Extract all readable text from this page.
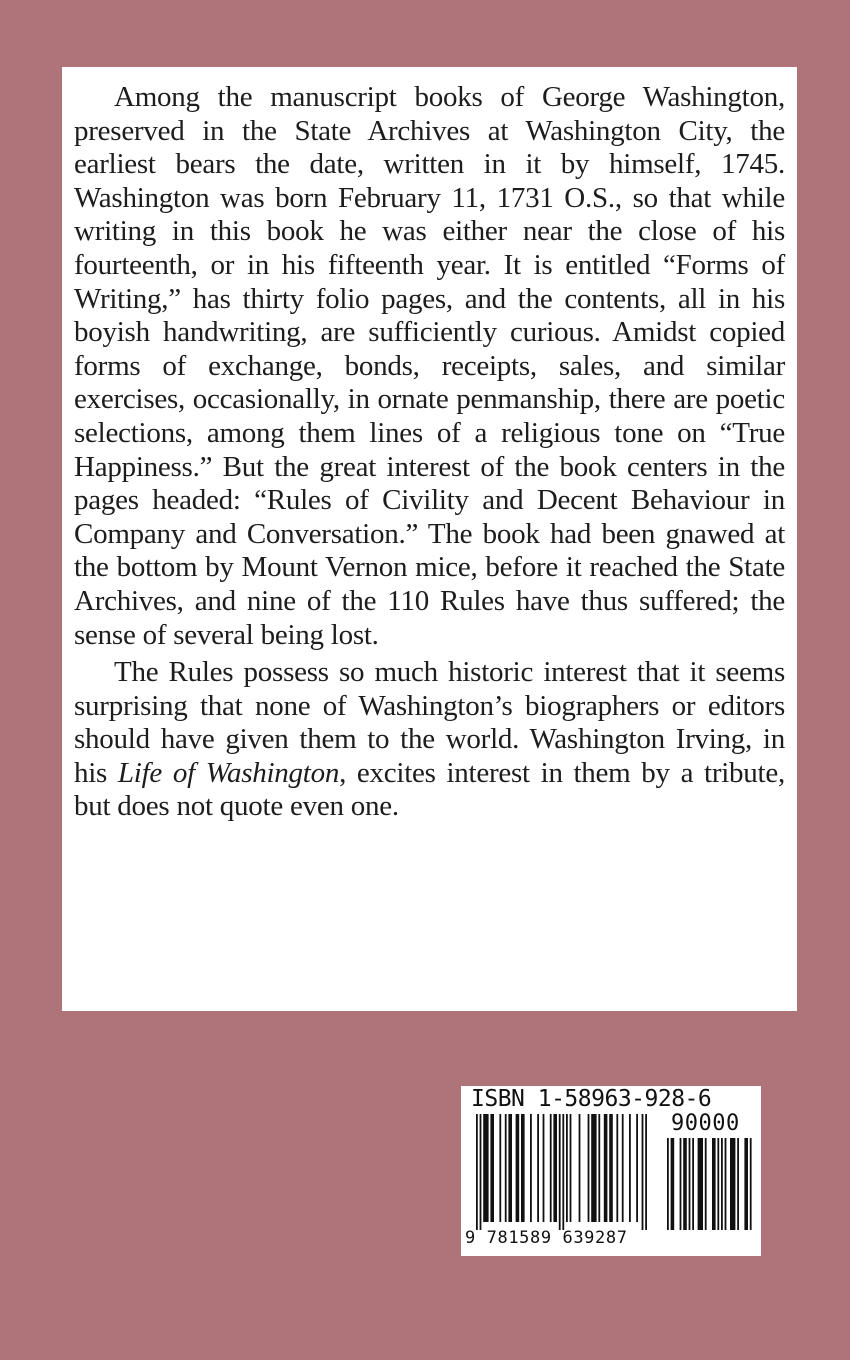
Among the manuscript books of George Washington, preserved in the State Archives at Washington City, the earliest bears the date, written in it by himself, 1745. Washington was born February 11, 1731 O.S., so that while writing in this book he was either near the close of his fourteenth, or in his fifteenth year. It is entitled “Forms of Writing,” has thirty folio pages, and the contents, all in his boyish handwriting, are sufficiently curious. Amidst copied forms of exchange, bonds, receipts, sales, and similar exercises, occasionally, in ornate penmanship, there are poetic selections, among them lines of a religious tone on “True Happiness.” But the great interest of the book centers in the pages headed: “Rules of Civility and Decent Behaviour in Company and Conversation.” The book had been gnawed at the bottom by Mount Vernon mice, before it reached the State Archives, and nine of the 110 Rules have thus suffered; the sense of several being lost.

The Rules possess so much historic interest that it seems surprising that none of Washington’s biographers or editors should have given them to the world. Washington Irving, in his Life of Washington, excites interest in them by a tribute, but does not quote even one.

ISBN 1-58963-928-6
90000
9 781589 639287
